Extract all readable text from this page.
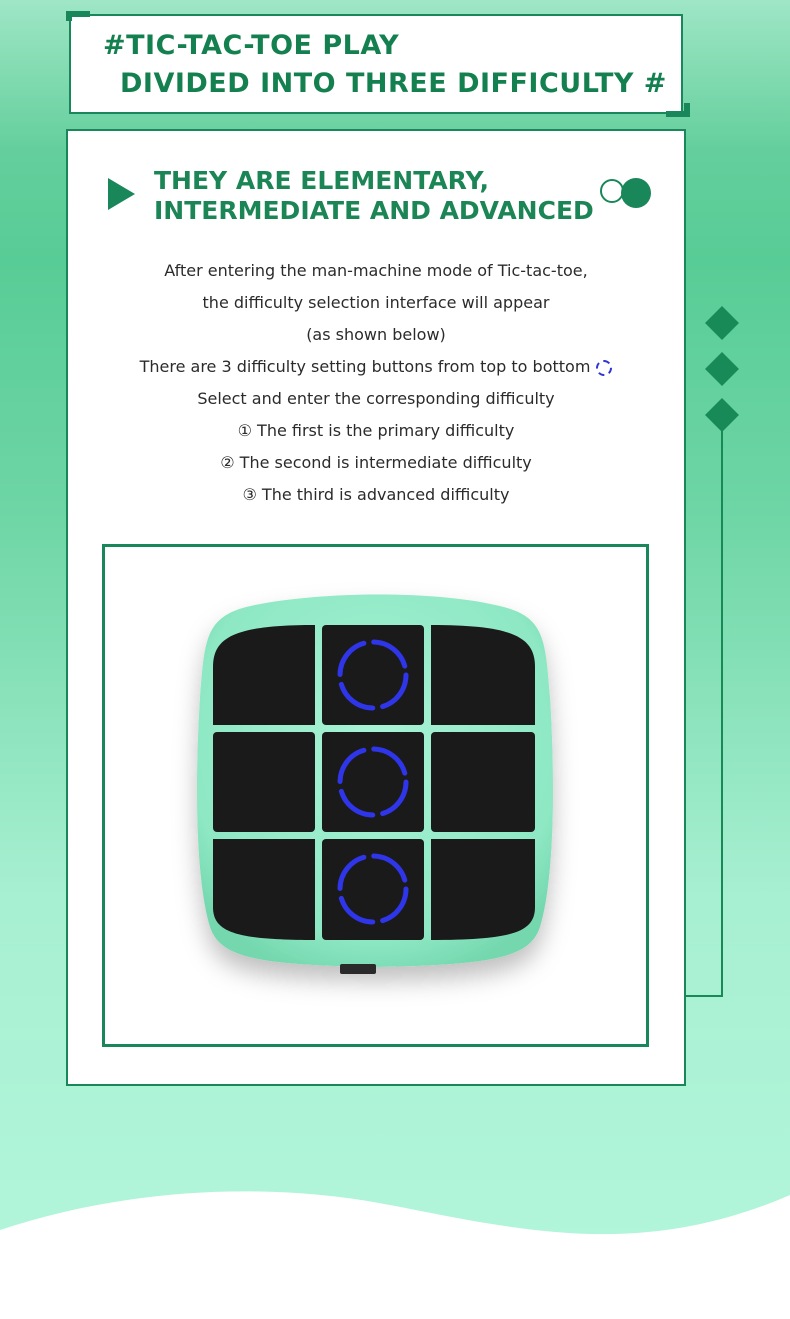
#TIC-TAC-TOE PLAY
DIVIDED INTO THREE DIFFICULTY #
THEY ARE ELEMENTARY,
INTERMEDIATE AND ADVANCED

After entering the man-machine mode of Tic-tac-toe,

the difficulty selection interface will appear

(as shown below)

There are 3 difficulty setting buttons from top to bottom

Select and enter the corresponding difficulty

① The first is the primary difficulty

② The second is intermediate difficulty

③ The third is advanced difficulty
